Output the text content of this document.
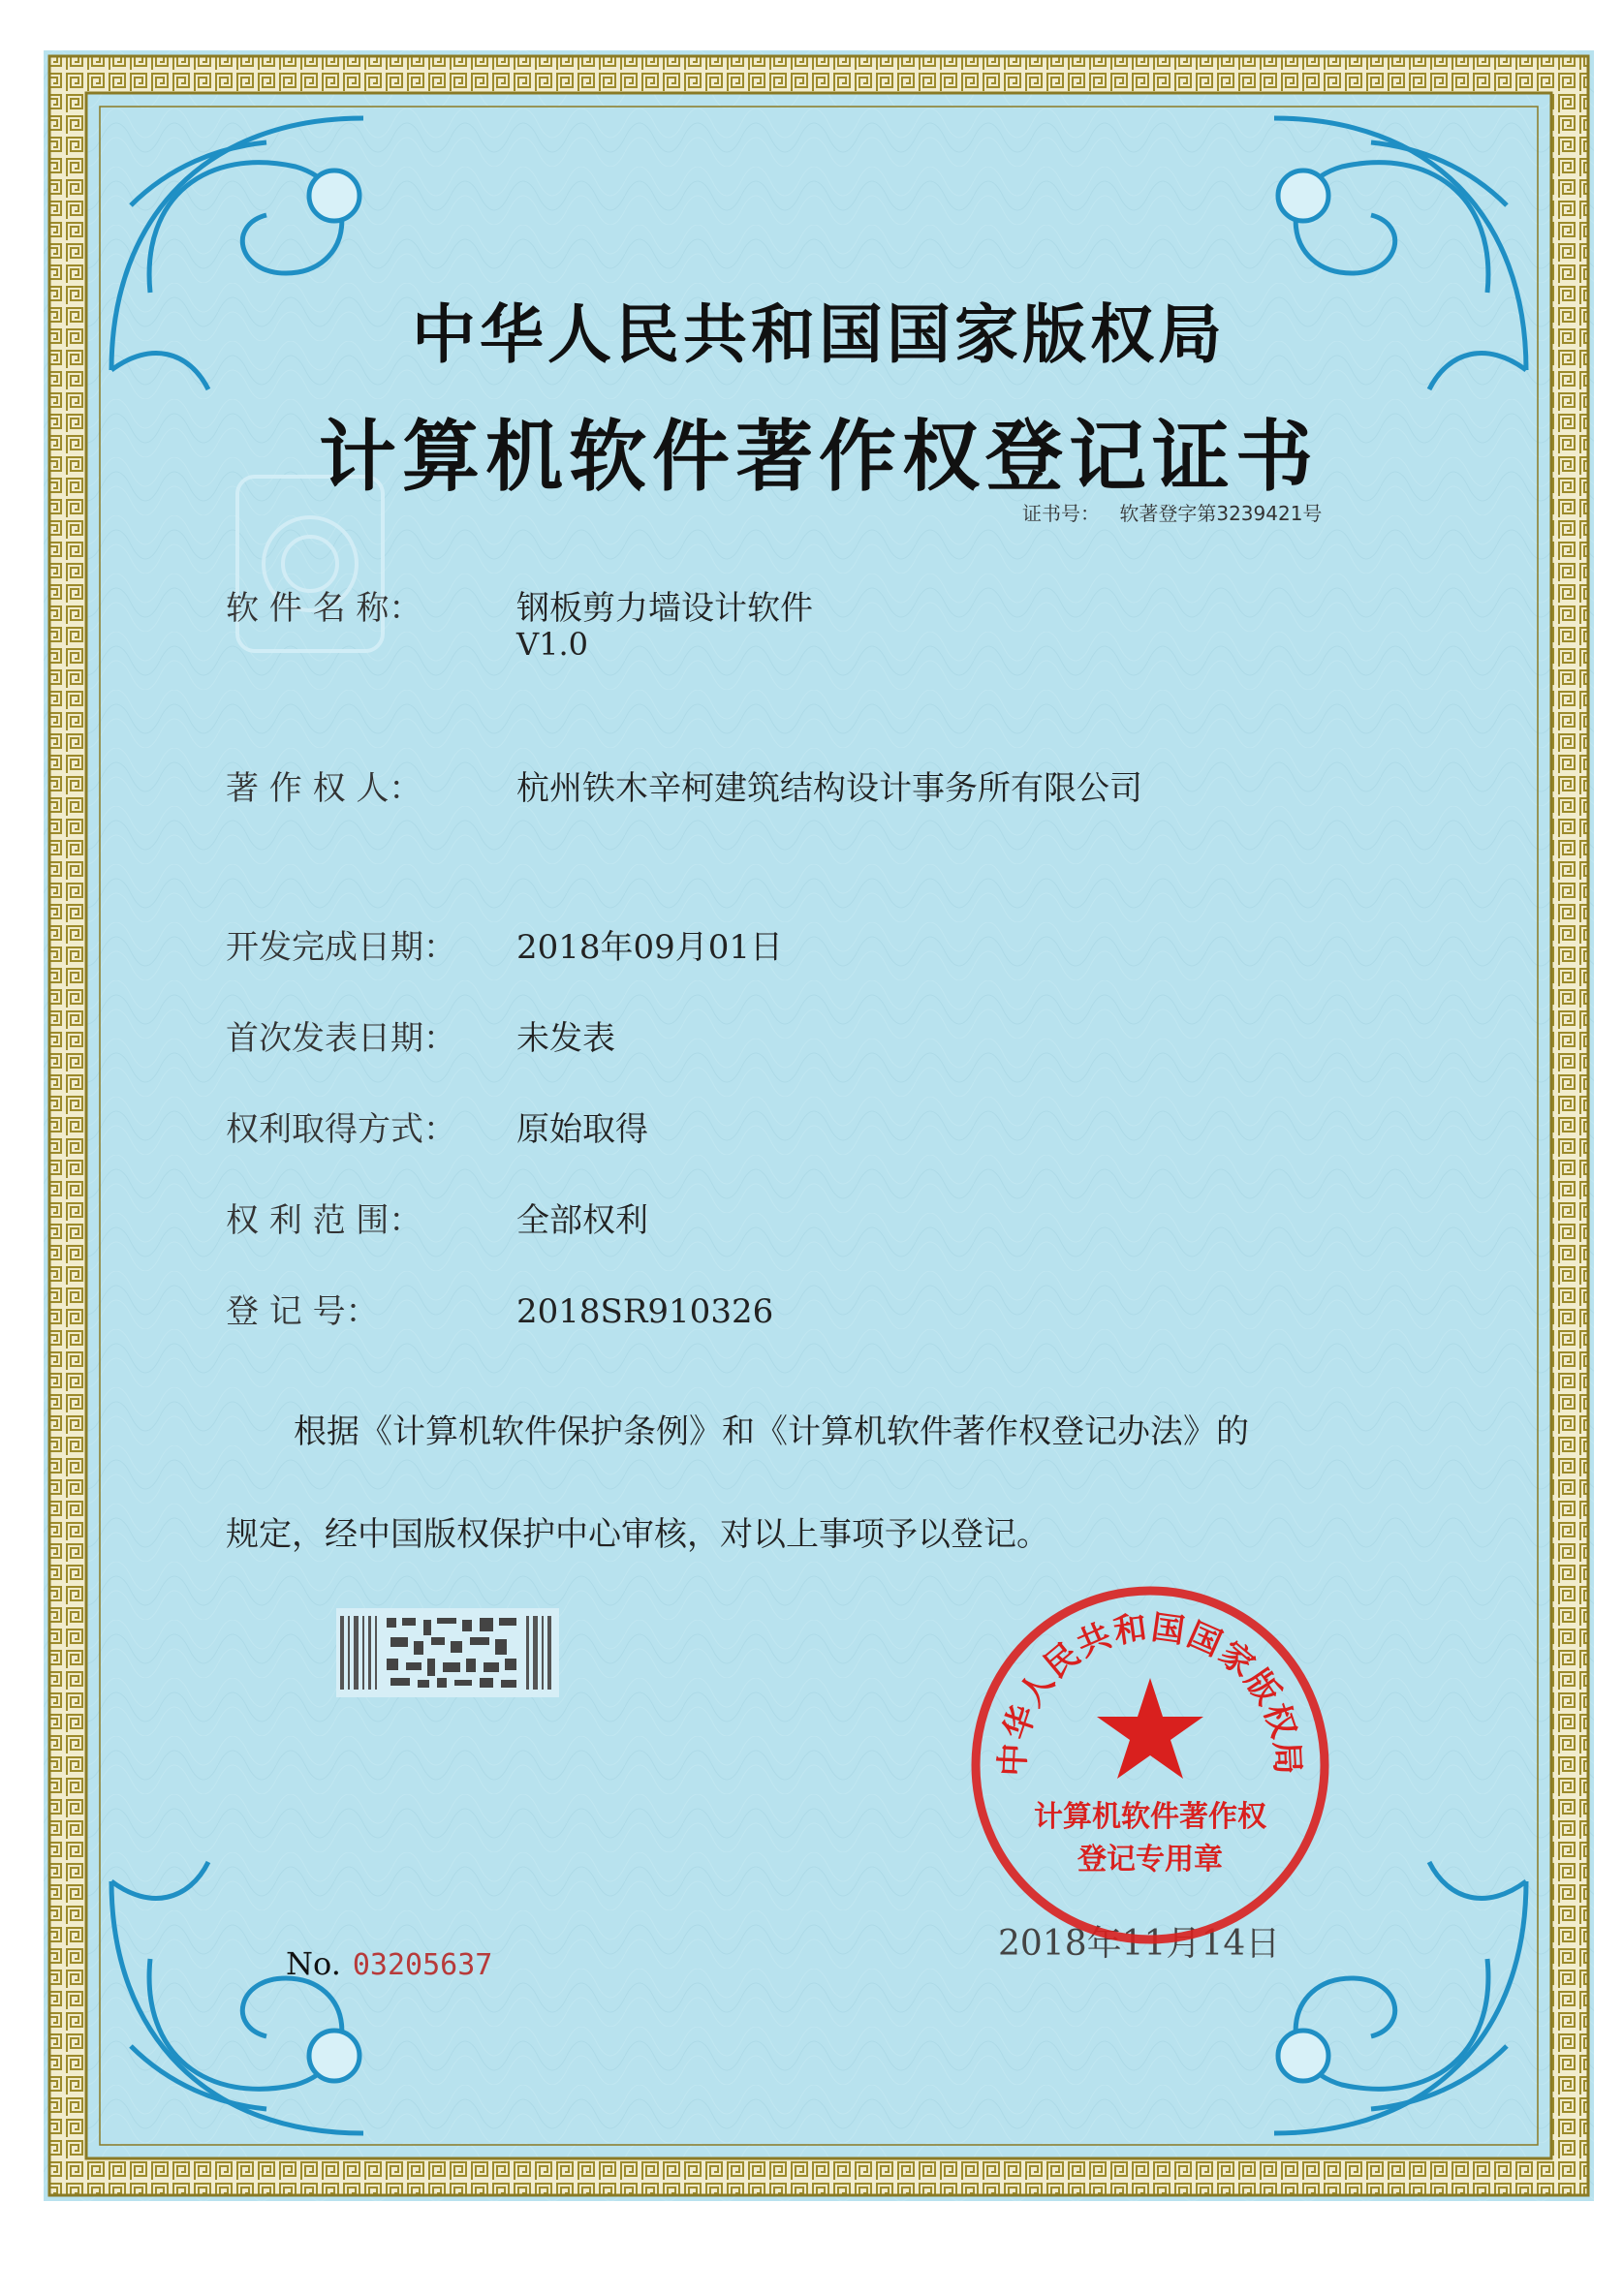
中华人民共和国国家版权局
计算机软件著作权登记证书
证书号： 软著登字第3239421号
软 件 名 称：	钢板剪力墙设计软件
V1.0
著 作 权 人：	杭州铁木辛柯建筑结构设计事务所有限公司
开发完成日期： 2018年09月01日
首次发表日期： 未发表
权利取得方式： 原始取得
权 利 范 围：	全部权利
登 记 号：	2018SR910326
根据《计算机软件保护条例》和《计算机软件著作权登记办法》的
规定，经中国版权保护中心审核，对以上事项予以登记。
No. 03205637
2018年11月14日
中华人民共和国国家版权局
计算机软件著作权
登记专用章
